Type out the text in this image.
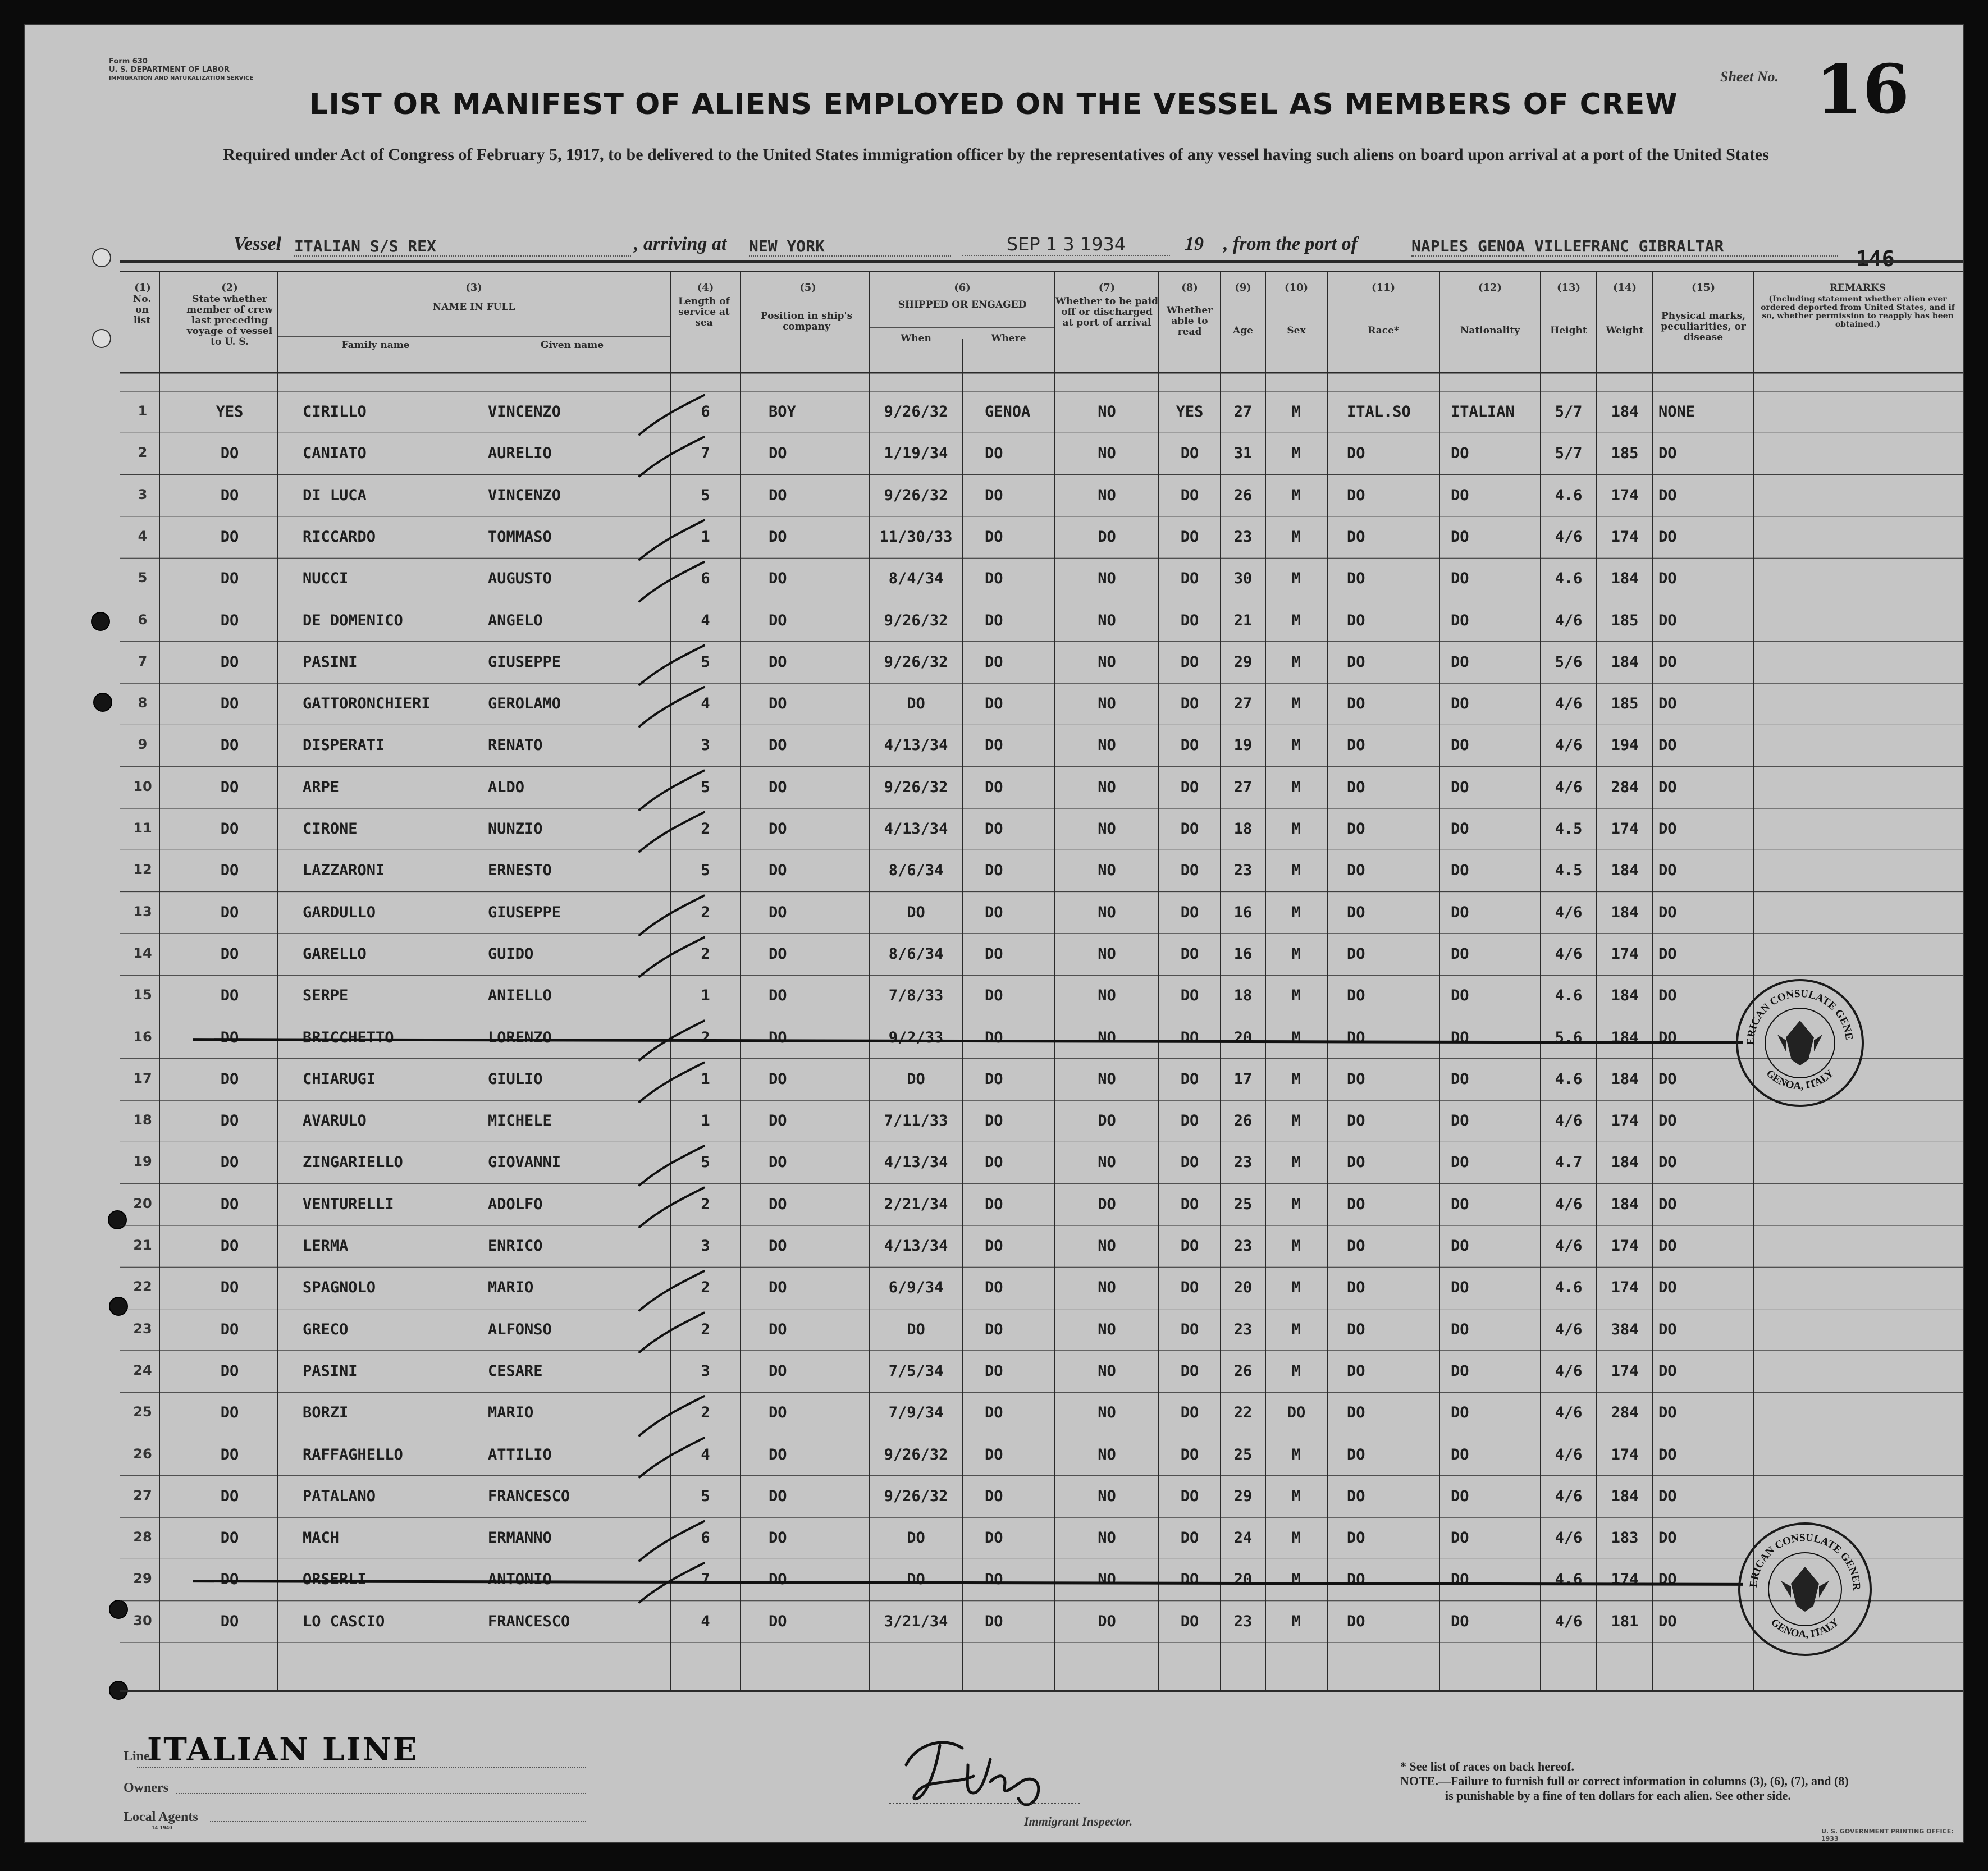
Form 630
U. S. DEPARTMENT OF LABOR
IMMIGRATION AND NATURALIZATION SERVICE
LIST OR MANIFEST OF ALIENS EMPLOYED ON THE VESSEL AS MEMBERS OF CREW
Required under Act of Congress of February 5, 1917, to be delivered to the United States immigration officer by the representatives of any vessel having such aliens on board upon arrival at a port of the United States
Sheet No. 16
Vessel ITALIAN S/S REX	, arriving at NEW YORK	SEP 1 3 1934	19 , from the port of	NAPLES GENOA VILLEFRANC GIBRALTAR
146
(1)	(2)	(3)	(4)	(5)	(6)	(7)	(8)	(9)	(10)	(11)	(12)	(13)	(14)	(15)
No. on list
State whether member of crew last preceding voyage of vessel to U. S.
NAME IN FULL
Family name	Given name
Length of service at sea
Position in ship's company
SHIPPED OR ENGAGED
When	Where
Whether to be paid off or discharged at port of arrival
Whether able to read	Age	Sex	Race*	Nationality	Height	Weight
Physical marks, peculiarities, or disease
REMARKS
(Including statement whether alien ever ordered deported from United States, and if so, whether permission to reapply has been obtained.)
1	YES	CIRILLO	VINCENZO	6	BOY	9/26/32	GENOA	NO	YES	27	M	ITAL.SO	ITALIAN	5/7	184	NONE
2	DO	CANIATO	AURELIO	7	DO	1/19/34	DO	NO	DO	31	M	DO	DO	5/7	185	DO
3	DO	DI LUCA	VINCENZO	5	DO	9/26/32	DO	NO	DO	26	M	DO	DO	4.6	174	DO
4	DO	RICCARDO	TOMMASO	1	DO	11/30/33	DO	DO	DO	23	M	DO	DO	4/6	174	DO
5	DO	NUCCI	AUGUSTO	6	DO	8/4/34	DO	NO	DO	30	M	DO	DO	4.6	184	DO
6	DO	DE DOMENICO	ANGELO	4	DO	9/26/32	DO	NO	DO	21	M	DO	DO	4/6	185	DO
7	DO	PASINI	GIUSEPPE	5	DO	9/26/32	DO	NO	DO	29	M	DO	DO	5/6	184	DO
8	DO	GATTORONCHIERI	GEROLAMO	4	DO	DO	DO	NO	DO	27	M	DO	DO	4/6	185	DO
9	DO	DISPERATI	RENATO	3	DO	4/13/34	DO	NO	DO	19	M	DO	DO	4/6	194	DO
10	DO	ARPE	ALDO	5	DO	9/26/32	DO	NO	DO	27	M	DO	DO	4/6	284	DO
11	DO	CIRONE	NUNZIO	2	DO	4/13/34	DO	NO	DO	18	M	DO	DO	4.5	174	DO
12	DO	LAZZARONI	ERNESTO	5	DO	8/6/34	DO	NO	DO	23	M	DO	DO	4.5	184	DO
13	DO	GARDULLO	GIUSEPPE	2	DO	DO	DO	NO	DO	16	M	DO	DO	4/6	184	DO
14	DO	GARELLO	GUIDO	2	DO	8/6/34	DO	NO	DO	16	M	DO	DO	4/6	174	DO
15	DO	SERPE	ANIELLO	1	DO	7/8/33	DO	NO	DO	18	M	DO	DO	4.6	184	DO
16	DO	BRICCHETTO	LORENZO	2	DO	9/2/33	DO	NO	DO	20	M	DO	DO	5.6	184	DO
17	DO	CHIARUGI	GIULIO	1	DO	DO	DO	NO	DO	17	M	DO	DO	4.6	184	DO
18	DO	AVARULO	MICHELE	1	DO	7/11/33	DO	DO	DO	26	M	DO	DO	4/6	174	DO
19	DO	ZINGARIELLO	GIOVANNI	5	DO	4/13/34	DO	NO	DO	23	M	DO	DO	4.7	184	DO
20	DO	VENTURELLI	ADOLFO	2	DO	2/21/34	DO	DO	DO	25	M	DO	DO	4/6	184	DO
21	DO	LERMA	ENRICO	3	DO	4/13/34	DO	NO	DO	23	M	DO	DO	4/6	174	DO
22	DO	SPAGNOLO	MARIO	2	DO	6/9/34	DO	NO	DO	20	M	DO	DO	4.6	174	DO
23	DO	GRECO	ALFONSO	2	DO	DO	DO	NO	DO	23	M	DO	DO	4/6	384	DO
24	DO	PASINI	CESARE	3	DO	7/5/34	DO	NO	DO	26	M	DO	DO	4/6	174	DO
25	DO	BORZI	MARIO	2	DO	7/9/34	DO	NO	DO	22	DO	DO	DO	4/6	284	DO
26	DO	RAFFAGHELLO	ATTILIO	4	DO	9/26/32	DO	NO	DO	25	M	DO	DO	4/6	174	DO
27	DO	PATALANO	FRANCESCO	5	DO	9/26/32	DO	NO	DO	29	M	DO	DO	4/6	184	DO
28	DO	MACH	ERMANNO	6	DO	DO	DO	NO	DO	24	M	DO	DO	4/6	183	DO
29	DO	ORSERLI	ANTONIO	7	DO	DO	DO	NO	DO	20	M	DO	DO	4.6	174	DO
30	DO	LO CASCIO	FRANCESCO	4	DO	3/21/34	DO	DO	DO	23	M	DO	DO	4/6	181	DO
ERICAN CONSULATE GENE
GENOA, ITALY
ERICAN CONSULATE GENER
GENOA, ITALY
Line
ITALIAN LINE
Owners
Local Agents
14-1940	Immigrant Inspector.
* See list of races on back hereof.
NOTE.—Failure to furnish full or correct information in columns (3), (6), (7), and (8)
is punishable by a fine of ten dollars for each alien. See other side.
U. S. GOVERNMENT PRINTING OFFICE: 1933
